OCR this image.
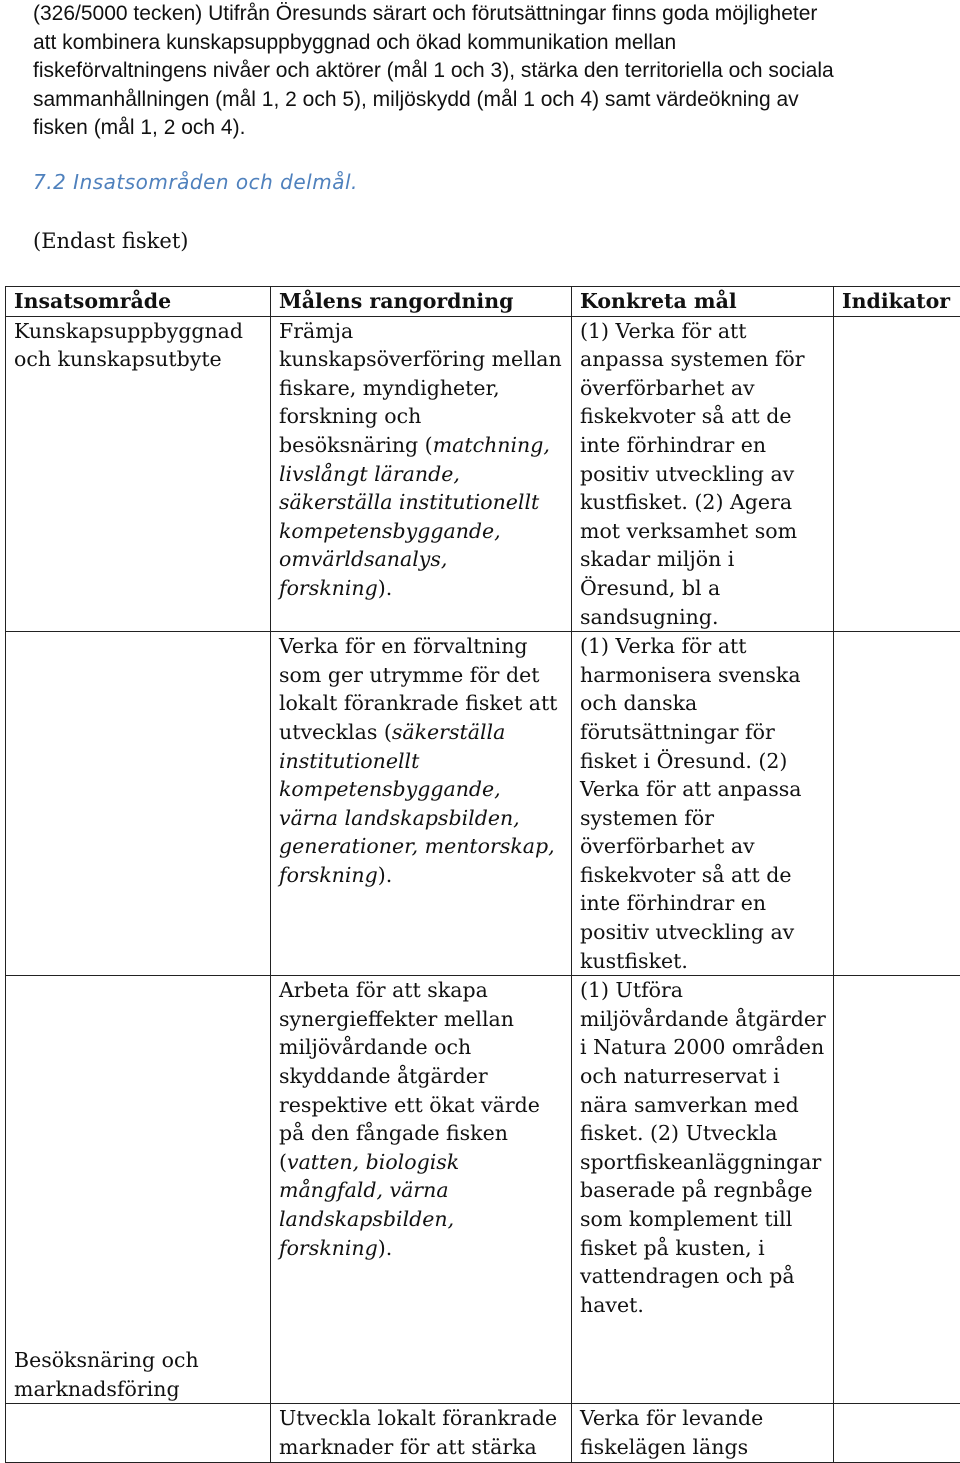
(326/5000 tecken) Utifrån Öresunds särart och förutsättningar finns goda möjligheter

att kombinera kunskapsuppbyggnad och ökad kommunikation mellan

fiskeförvaltningens nivåer och aktörer (mål 1 och 3), stärka den territoriella och sociala

sammanhållningen (mål 1, 2 och 5), miljöskydd (mål 1 och 4) samt värdeökning av

fisken (mål 1, 2 och 4).

7.2 Insatsområden och delmål.
(Endast fisket)
Insatsområde	Målens rangordning	Konkreta mål	Indikator
Kunskapsuppbyggnad och kunskapsutbyte	Främja kunskapsöverföring mellan fiskare, myndigheter, forskning och besöksnäring (matchning, livslångt lärande, säkerställa institutionellt kompetensbyggande, omvärldsanalys, forskning).	(1) Verka för att anpassa systemen för överförbarhet av fiskekvoter så att de inte förhindrar en positiv utveckling av kustfisket. (2) Agera mot verksamhet som skadar miljön i Öresund, bl a sandsugning.	
	Verka för en förvaltning som ger utrymme för det lokalt förankrade fisket att utvecklas (säkerställa institutionellt kompetensbyggande, värna landskapsbilden, generationer, mentorskap, forskning).	(1) Verka för att harmonisera svenska och danska förutsättningar för fisket i Öresund. (2) Verka för att anpassa systemen för överförbarhet av fiskekvoter så att de inte förhindrar en positiv utveckling av kustfisket.	

Besöksnäring och marknadsföring	Arbeta för att skapa synergieffekter mellan miljövårdande och skyddande åtgärder respektive ett ökat värde på den fångade fisken (vatten, biologisk mångfald, värna landskapsbilden, forskning).	(1) Utföra miljövårdande åtgärder i Natura 2000 områden och naturreservat i nära samverkan med fisket. (2) Utveckla sportfiskeanläggningar baserade på regnbåge som komplement till fisket på kusten, i vattendragen och på havet.	
	Utveckla lokalt förankrade marknader för att stärka	Verka för levande fiskelägen längs	
